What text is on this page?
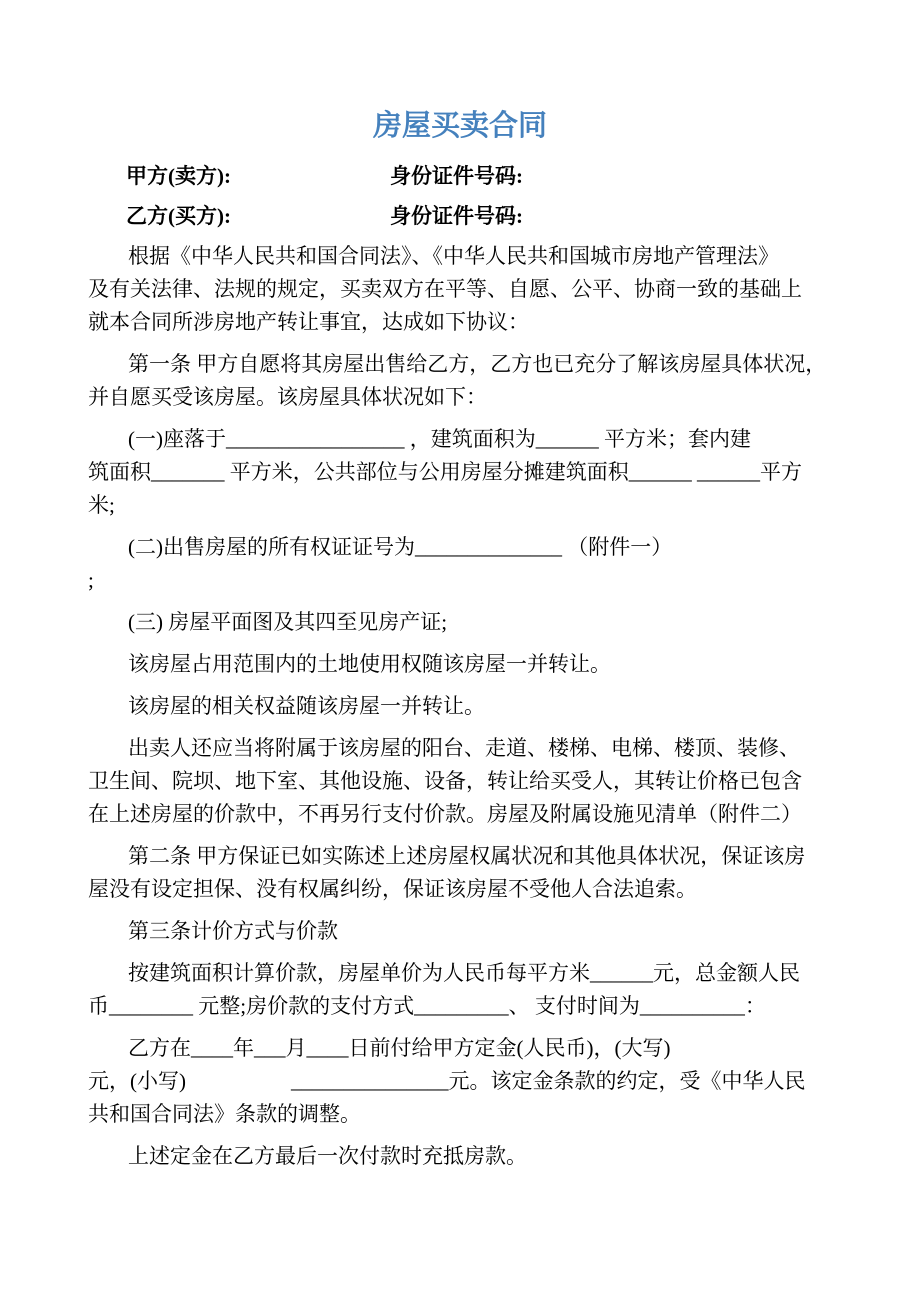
房屋买卖合同

甲方(卖方):	身份证件号码:

乙方(买方):	身份证件号码:

根据《中华人民共和国合同法》、《中华人民共和国城市房地产管理法》
及有关法律、法规的规定，买卖双方在平等、自愿、公平、协商一致的基础上
就本合同所涉房地产转让事宜，达成如下协议：
第一条 甲方自愿将其房屋出售给乙方，乙方也已充分了解该房屋具体状况，
并自愿买受该房屋。该房屋具体状况如下：
(一)座落于_________________ ，建筑面积为______ 平方米；套内建
筑面积_______ 平方米，公共部位与公用房屋分摊建筑面积______ ______平方
米;
(二)出售房屋的所有权证证号为______________ （附件一）
;
(三) 房屋平面图及其四至见房产证;
该房屋占用范围内的土地使用权随该房屋一并转让。
该房屋的相关权益随该房屋一并转让。
出卖人还应当将附属于该房屋的阳台、走道、楼梯、电梯、楼顶、装修、
卫生间、院坝、地下室、其他设施、设备，转让给买受人，其转让价格已包含
在上述房屋的价款中，不再另行支付价款。房屋及附属设施见清单（附件二）
第二条 甲方保证已如实陈述上述房屋权属状况和其他具体状况，保证该房
屋没有设定担保、没有权属纠纷，保证该房屋不受他人合法追索。
第三条计价方式与价款
按建筑面积计算价款，房屋单价为人民币每平方米______元，总金额人民
币________ 元整;房价款的支付方式_________、 支付时间为__________：
乙方在____年___月____日前付给甲方定金(人民币)，(大写)
元，(小写)　　　　　_______________元。该定金条款的约定，受《中华人民
共和国合同法》条款的调整。
上述定金在乙方最后一次付款时充抵房款。
